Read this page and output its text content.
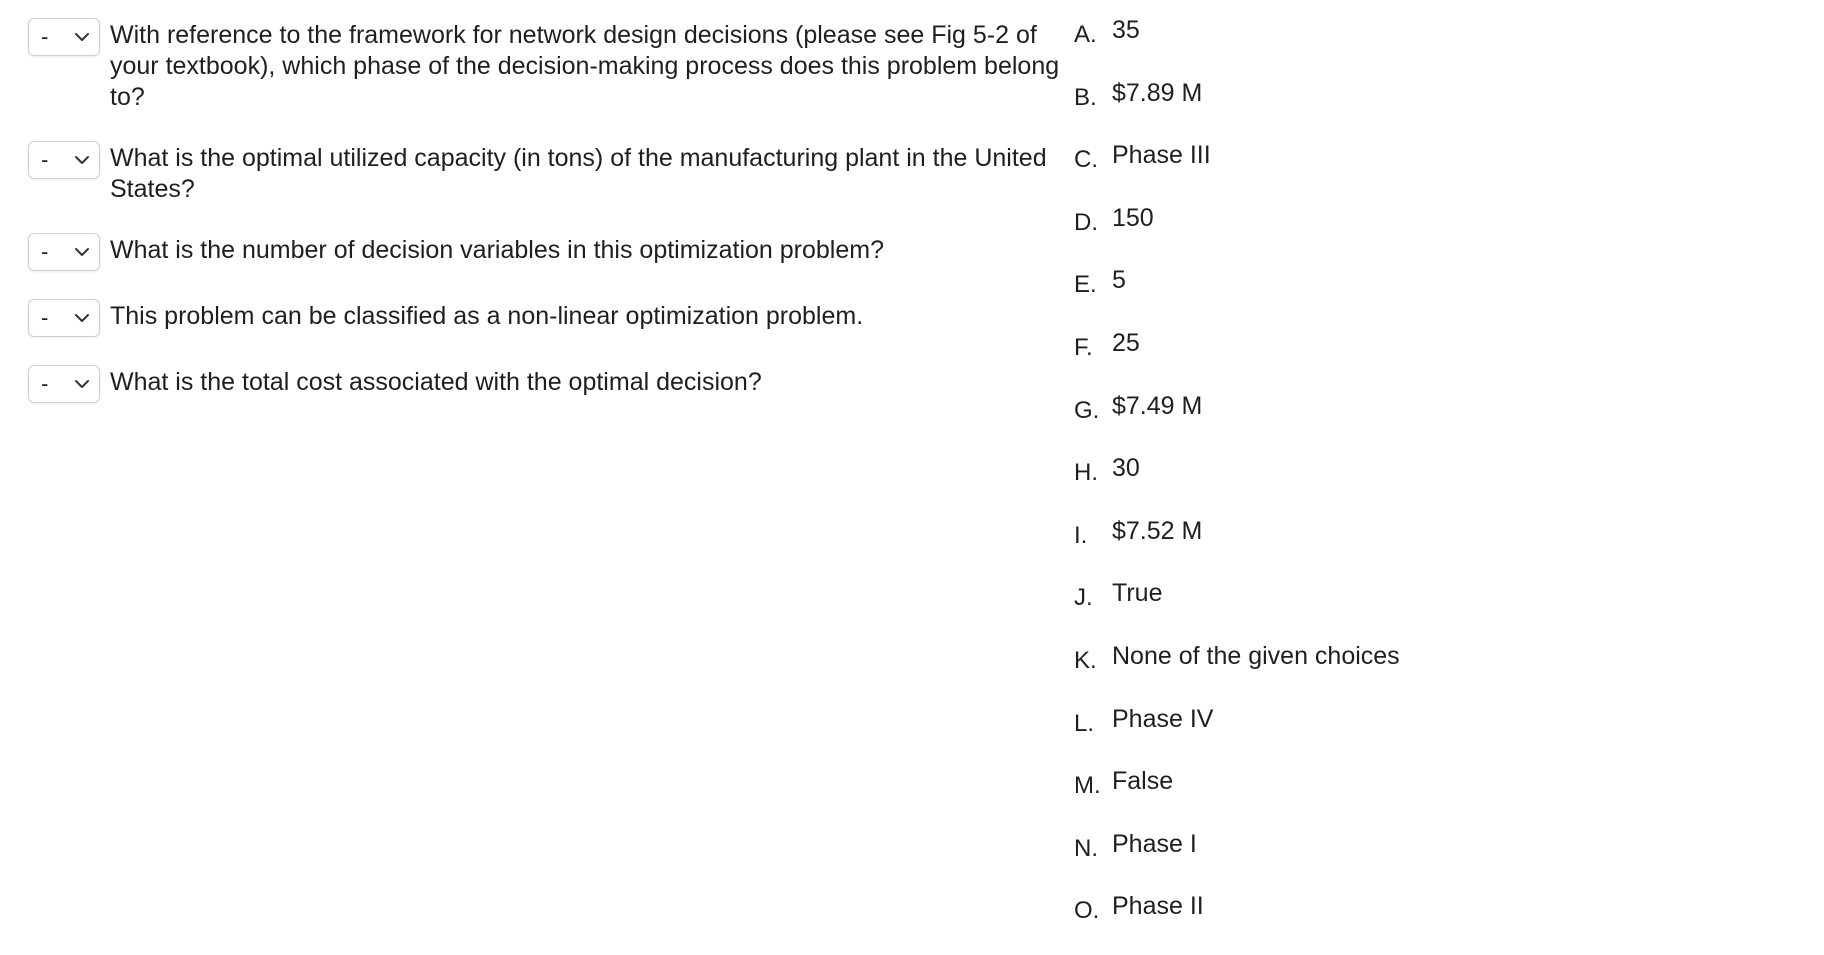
- With reference to the framework for network design decisions (please see Fig 5-2 of your textbook), which phase of the decision-making process does this problem belong to?
- What is the optimal utilized capacity (in tons) of the manufacturing plant in the United States?
- What is the number of decision variables in this optimization problem?
- This problem can be classified as a non-linear optimization problem.
- What is the total cost associated with the optimal decision?
A. 35
B. $7.89 M
C. Phase III
D. 150
E. 5
F. 25
G. $7.49 M
H. 30
I. $7.52 M
J. True
K. None of the given choices
L. Phase IV
M. False
N. Phase I
O. Phase II
